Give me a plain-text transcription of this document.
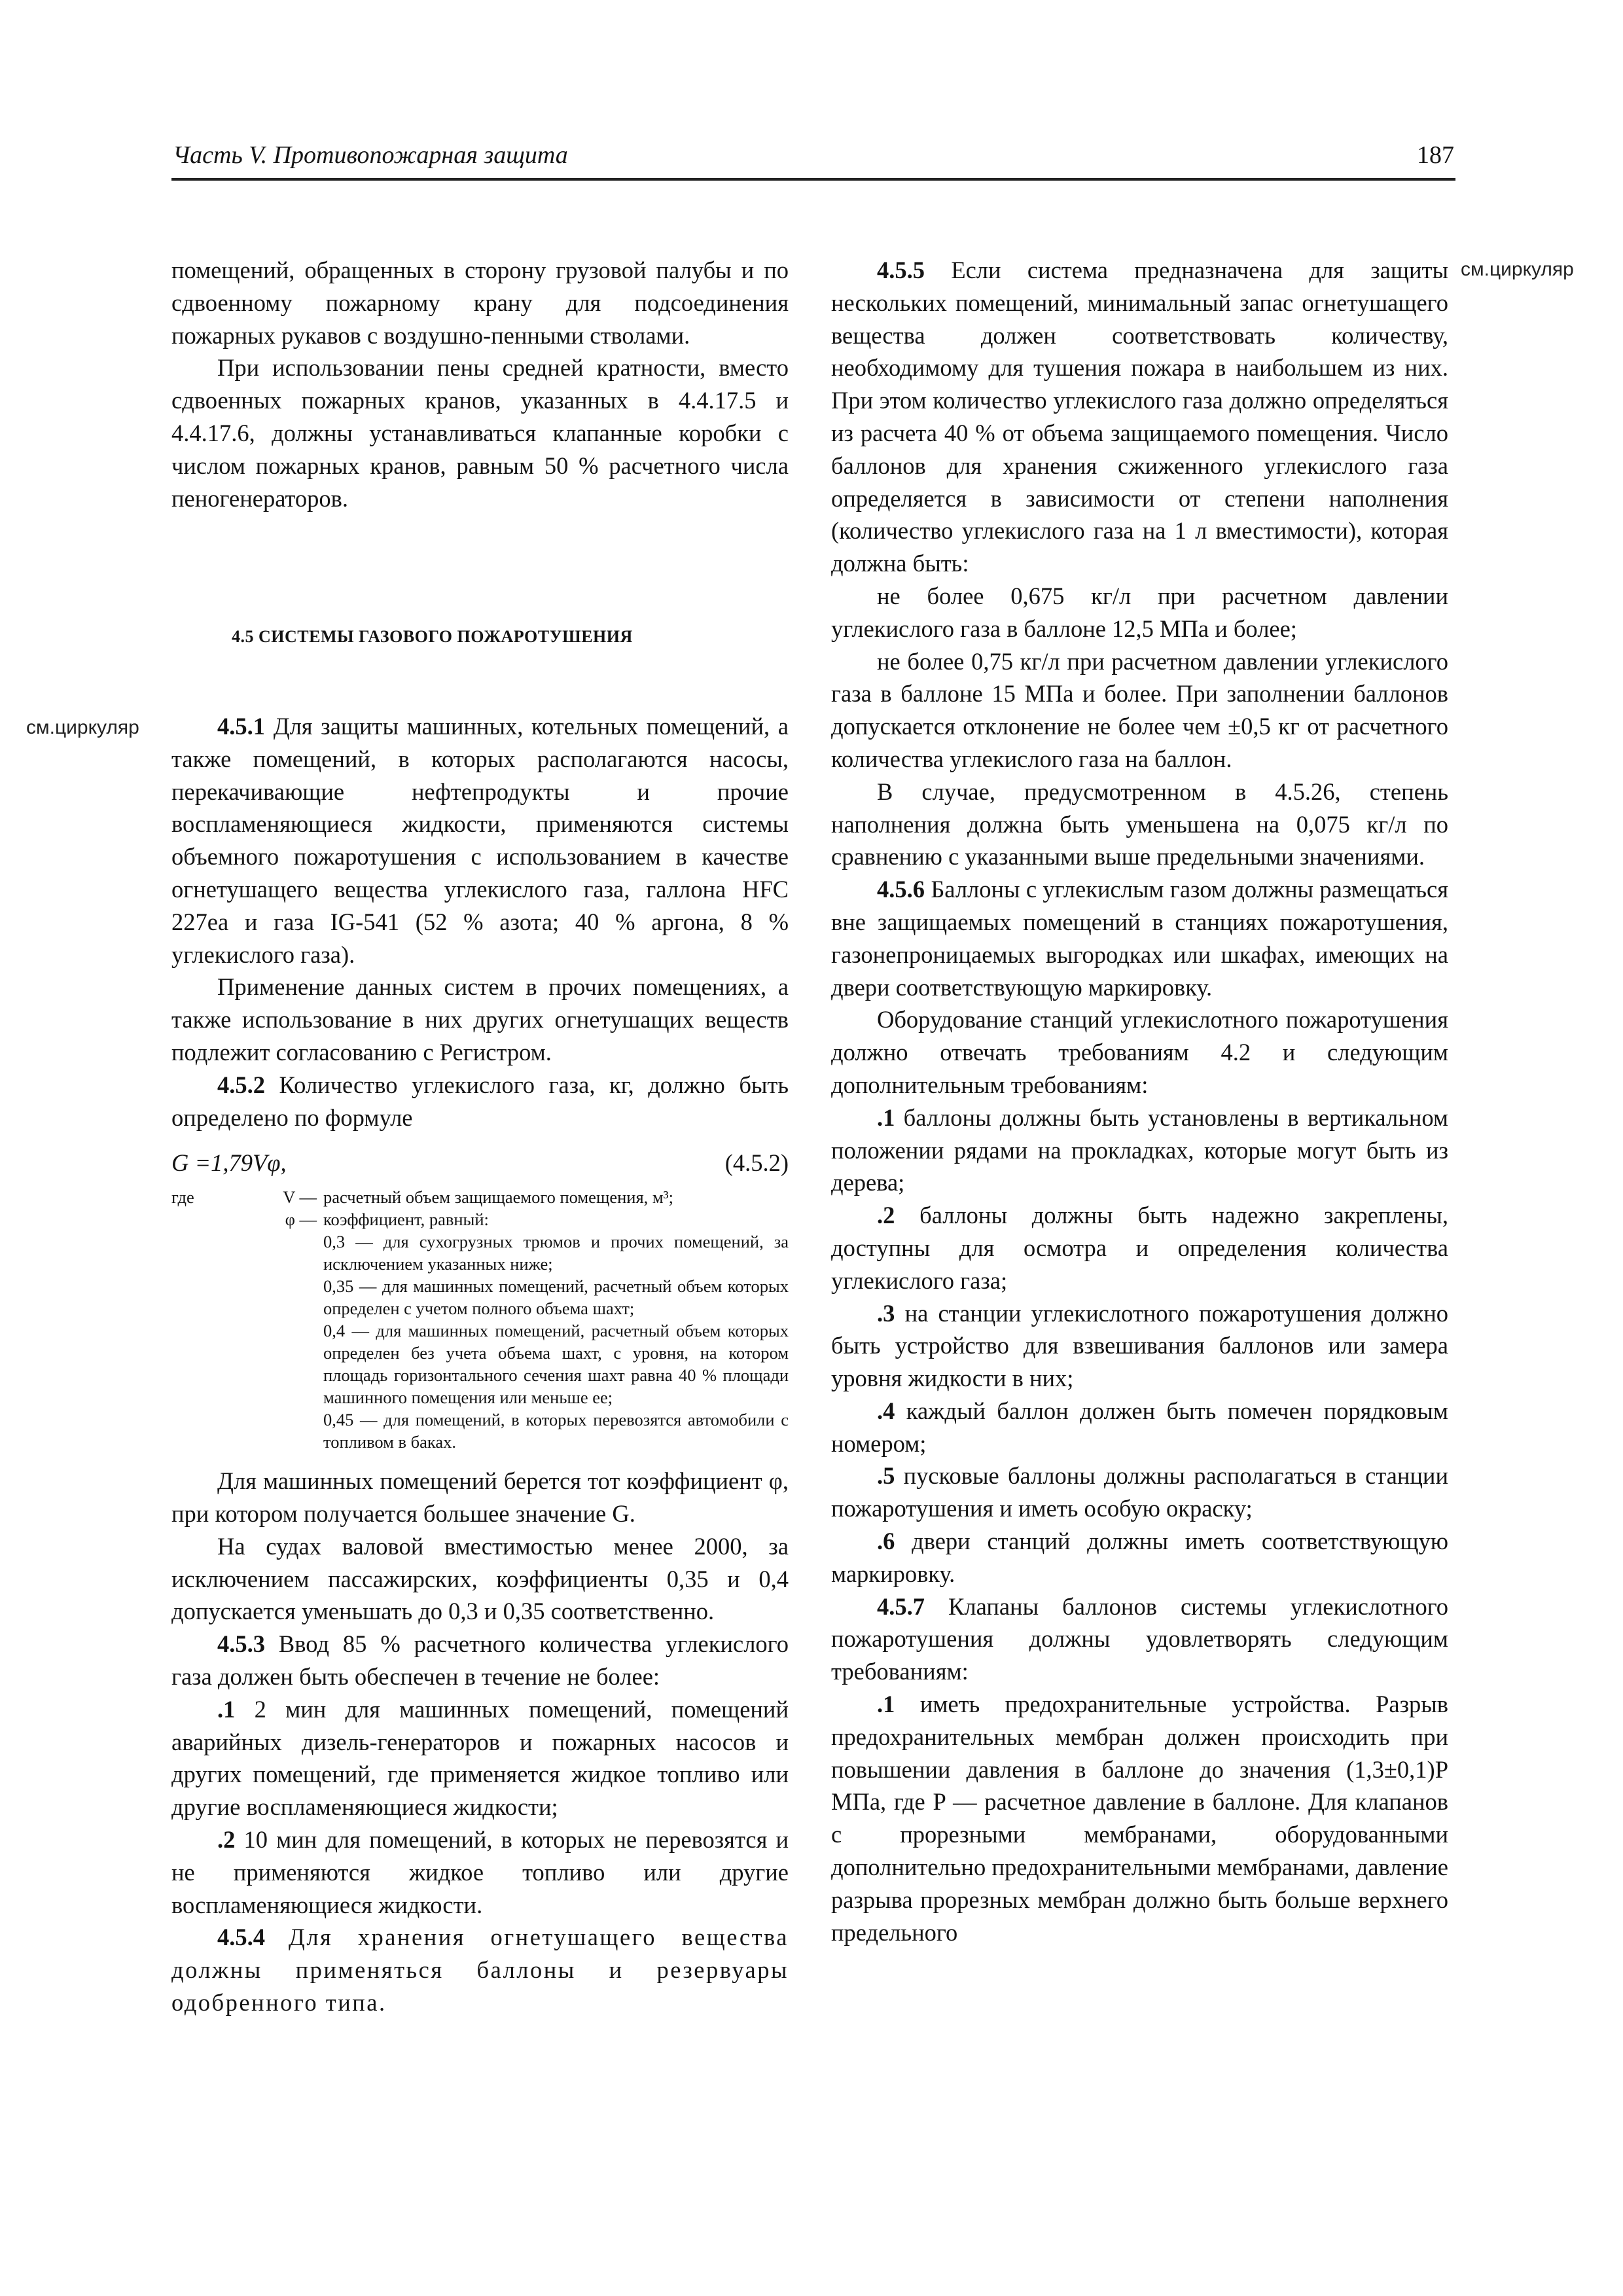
Часть V. Противопожарная защита	187
см.циркуляр
см.циркуляр

помещений, обращенных в сторону грузовой палубы и по сдвоенному пожарному крану для подсоединения пожарных рукавов с воздушно-пенными стволами.

При использовании пены средней кратности, вместо сдвоенных пожарных кранов, указанных в 4.4.17.5 и 4.4.17.6, должны устанавливаться клапанные коробки с числом пожарных кранов, равным 50 % расчетного числа пеногенераторов.

4.5 СИСТЕМЫ ГАЗОВОГО ПОЖАРОТУШЕНИЯ

4.5.1 Для защиты машинных, котельных помещений, а также помещений, в которых располагаются насосы, перекачивающие нефтепродукты и прочие воспламеняющиеся жидкости, применяются системы объемного пожаротушения с использованием в качестве огнетушащего вещества углекислого газа, галлона HFC 227ea и газа IG-541 (52 % азота; 40 % аргона, 8 % углекислого газа).

Применение данных систем в прочих помещениях, а также использование в них других огнетушащих веществ подлежит согласованию с Регистром.

4.5.2 Количество углекислого газа, кг, должно быть определено по формуле

G =1,79Vφ,	(4.5.2)
где	V — расчетный объем защищаемого помещения, м³;
φ — коэффициент, равный:
0,3 — для сухогрузных трюмов и прочих помещений, за исключением указанных ниже;
0,35 — для машинных помещений, расчетный объем которых определен с учетом полного объема шахт;
0,4 — для машинных помещений, расчетный объем которых определен без учета объема шахт, с уровня, на котором площадь горизонтального сечения шахт равна 40 % площади машинного помещения или меньше ее;
0,45 — для помещений, в которых перевозятся автомобили с топливом в баках.

Для машинных помещений берется тот коэффициент φ, при котором получается большее значение G.

На судах валовой вместимостью менее 2000, за исключением пассажирских, коэффициенты 0,35 и 0,4 допускается уменьшать до 0,3 и 0,35 соответственно.

4.5.3 Ввод 85 % расчетного количества углекислого газа должен быть обеспечен в течение не более:

.1 2 мин для машинных помещений, помещений аварийных дизель-генераторов и пожарных насосов и других помещений, где применяется жидкое топливо или другие воспламеняющиеся жидкости;

.2 10 мин для помещений, в которых не перевозятся и не применяются жидкое топливо или другие воспламеняющиеся жидкости.

4.5.4 Для хранения огнетушащего вещества должны применяться баллоны и резервуары одобренного типа.

4.5.5 Если система предназначена для защиты нескольких помещений, минимальный запас огнетушащего вещества должен соответствовать количеству, необходимому для тушения пожара в наибольшем из них. При этом количество углекислого газа должно определяться из расчета 40 % от объема защищаемого помещения. Число баллонов для хранения сжиженного углекислого газа определяется в зависимости от степени наполнения (количество углекислого газа на 1 л вместимости), которая должна быть:

не более 0,675 кг/л при расчетном давлении углекислого газа в баллоне 12,5 МПа и более;

не более 0,75 кг/л при расчетном давлении углекислого газа в баллоне 15 МПа и более. При заполнении баллонов допускается отклонение не более чем ±0,5 кг от расчетного количества углекислого газа на баллон.

В случае, предусмотренном в 4.5.26, степень наполнения должна быть уменьшена на 0,075 кг/л по сравнению с указанными выше предельными значениями.

4.5.6 Баллоны с углекислым газом должны размещаться вне защищаемых помещений в станциях пожаротушения, газонепроницаемых выгородках или шкафах, имеющих на двери соответствующую маркировку.

Оборудование станций углекислотного пожаротушения должно отвечать требованиям 4.2 и следующим дополнительным требованиям:

.1 баллоны должны быть установлены в вертикальном положении рядами на прокладках, которые могут быть из дерева;

.2 баллоны должны быть надежно закреплены, доступны для осмотра и определения количества углекислого газа;

.3 на станции углекислотного пожаротушения должно быть устройство для взвешивания баллонов или замера уровня жидкости в них;

.4 каждый баллон должен быть помечен порядковым номером;

.5 пусковые баллоны должны располагаться в станции пожаротушения и иметь особую окраску;

.6 двери станций должны иметь соответствующую маркировку.

4.5.7 Клапаны баллонов системы углекислотного пожаротушения должны удовлетворять следующим требованиям:

.1 иметь предохранительные устройства. Разрыв предохранительных мембран должен происходить при повышении давления в баллоне до значения (1,3±0,1)P МПа, где P — расчетное давление в баллоне. Для клапанов с прорезными мембранами, оборудованными дополнительно предохранительными мембранами, давление разрыва прорезных мембран должно быть больше верхнего предельного
